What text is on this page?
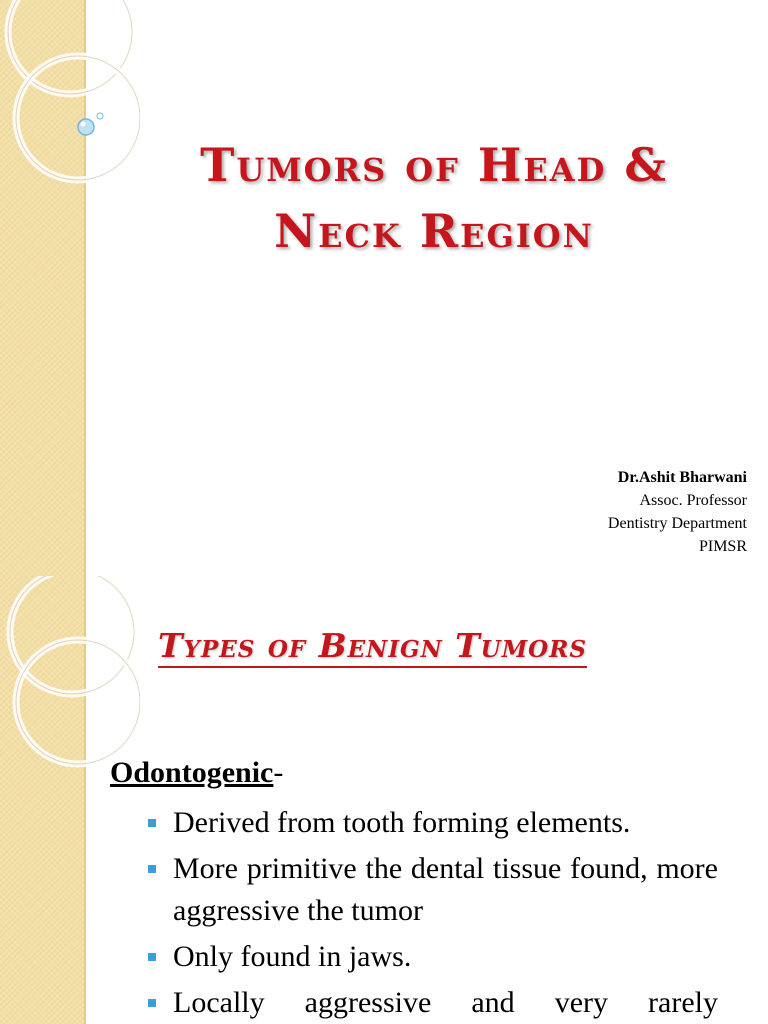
Tumors of Head &
Neck Region
Dr.Ashit Bharwani
Assoc. Professor
Dentistry Department
PIMSR
Types of Benign Tumors
Odontogenic-
Derived from tooth forming elements.
More primitive the dental tissue found, more aggressive the tumor
Only found in jaws.
Locally aggressive and very rarely
